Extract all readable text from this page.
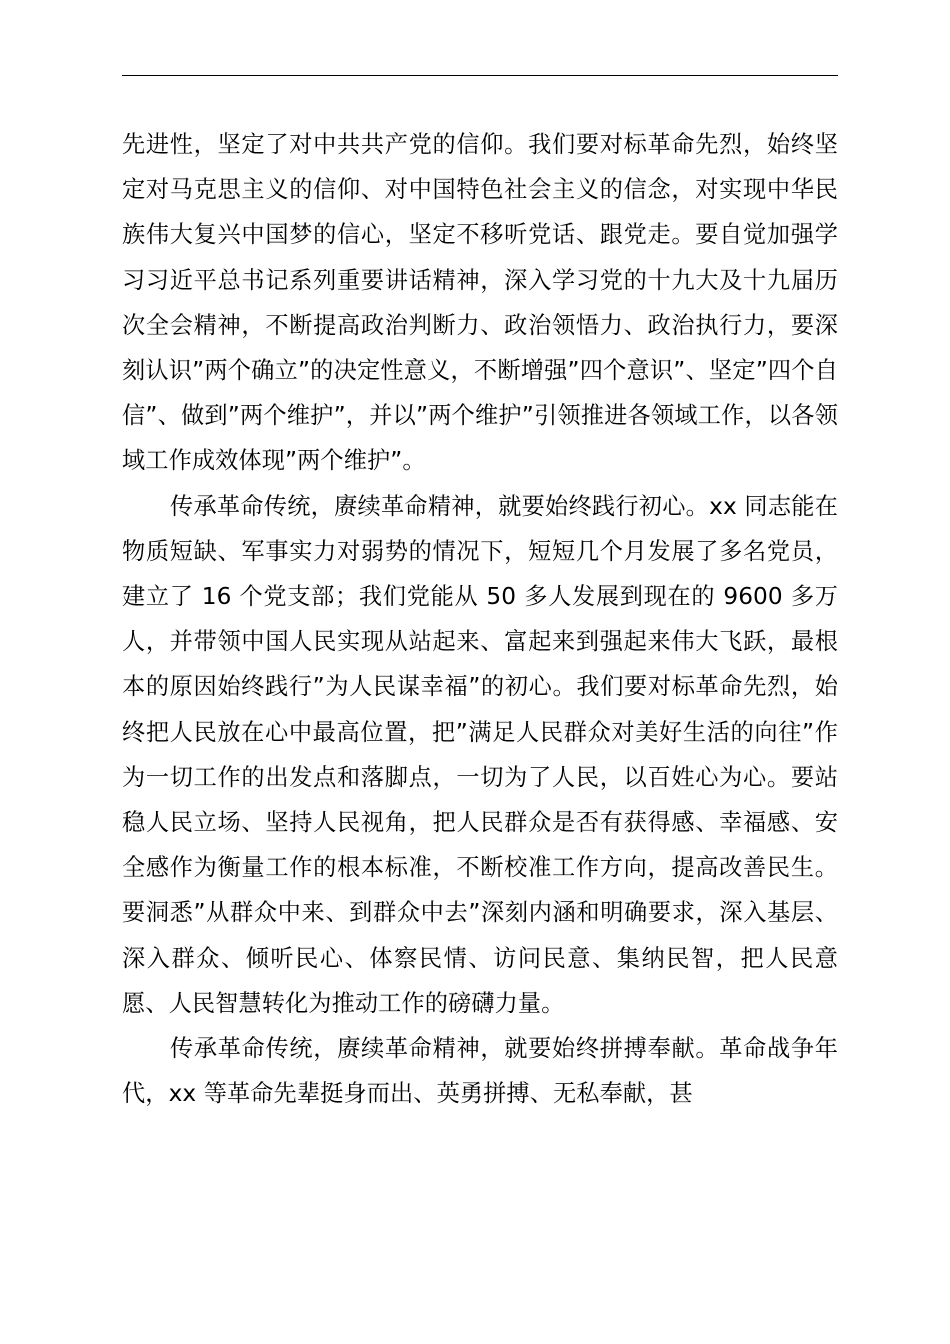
先进性，坚定了对中共共产党的信仰。我们要对标革命先烈，始终坚定对马克思主义的信仰、对中国特色社会主义的信念，对实现中华民族伟大复兴中国梦的信心，坚定不移听党话、跟党走。要自觉加强学习习近平总书记系列重要讲话精神，深入学习党的十九大及十九届历次全会精神，不断提高政治判断力、政治领悟力、政治执行力，要深刻认识”两个确立”的决定性意义，不断增强”四个意识”、坚定”四个自信”、做到”两个维护”，并以”两个维护”引领推进各领域工作，以各领域工作成效体现”两个维护”。

传承革命传统，赓续革命精神，就要始终践行初心。xx 同志能在物质短缺、军事实力对弱势的情况下，短短几个月发展了多名党员，建立了 16 个党支部；我们党能从 50 多人发展到现在的 9600 多万人，并带领中国人民实现从站起来、富起来到强起来伟大飞跃，最根本的原因始终践行”为人民谋幸福”的初心。我们要对标革命先烈，始终把人民放在心中最高位置，把”满足人民群众对美好生活的向往”作为一切工作的出发点和落脚点，一切为了人民，以百姓心为心。要站稳人民立场、坚持人民视角，把人民群众是否有获得感、幸福感、安全感作为衡量工作的根本标准，不断校准工作方向，提高改善民生。要洞悉”从群众中来、到群众中去”深刻内涵和明确要求，深入基层、深入群众、倾听民心、体察民情、访问民意、集纳民智，把人民意愿、人民智慧转化为推动工作的磅礴力量。

传承革命传统，赓续革命精神，就要始终拼搏奉献。革命战争年代，xx 等革命先辈挺身而出、英勇拼搏、无私奉献，甚
